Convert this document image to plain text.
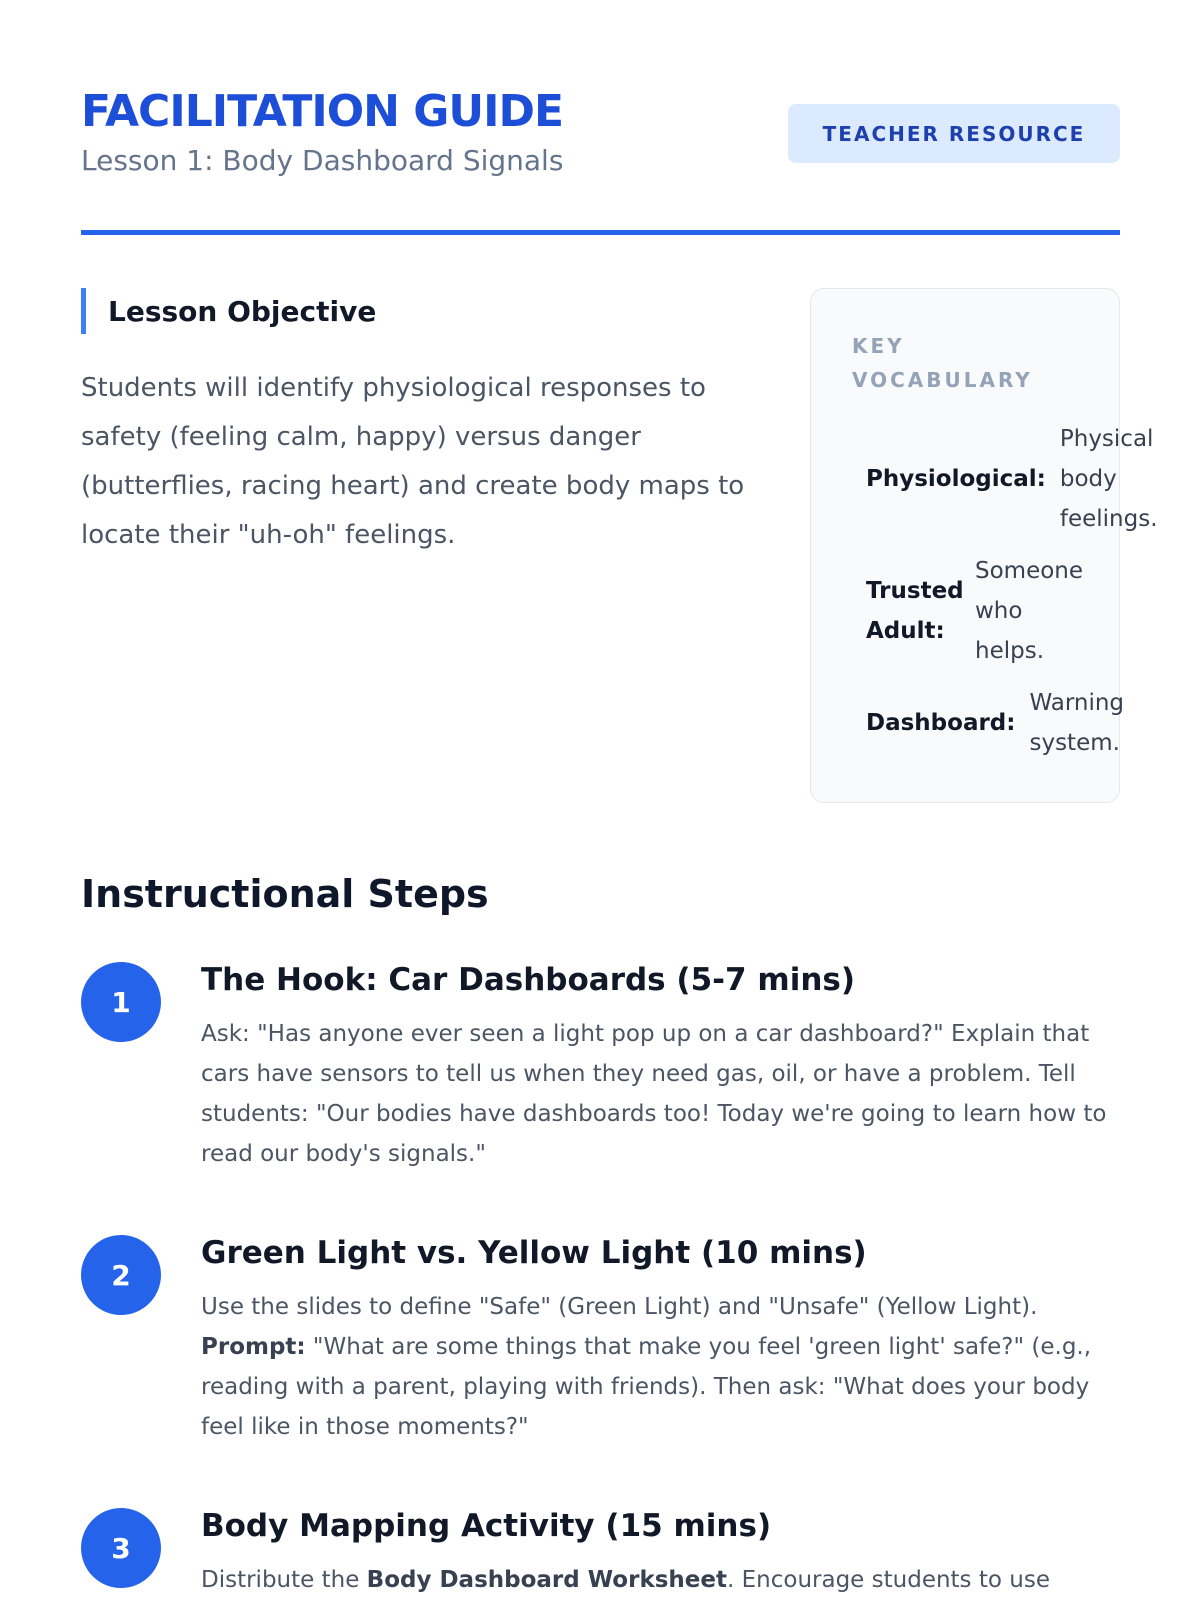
FACILITATION GUIDE
Lesson 1: Body Dashboard Signals
TEACHER RESOURCE
Lesson Objective

Students will identify physiological responses to safety (feeling calm, happy) versus danger (butterflies, racing heart) and create body maps to locate their "uh-oh" feelings.

KEY VOCABULARY
Physiological:
Physical body feelings.
Trusted Adult:
Someone who helps.
Dashboard:
Warning system.
Instructional Steps
1
The Hook: Car Dashboards (5-7 mins)

Ask: "Has anyone ever seen a light pop up on a car dashboard?" Explain that cars have sensors to tell us when they need gas, oil, or have a problem. Tell students: "Our bodies have dashboards too! Today we're going to learn how to read our body's signals."

2
Green Light vs. Yellow Light (10 mins)

Use the slides to define "Safe" (Green Light) and "Unsafe" (Yellow Light).
Prompt: "What are some things that make you feel 'green light' safe?" (e.g., reading with a parent, playing with friends). Then ask: "What does your body feel like in those moments?"

3
Body Mapping Activity (15 mins)

Distribute the Body Dashboard Worksheet. Encourage students to use
